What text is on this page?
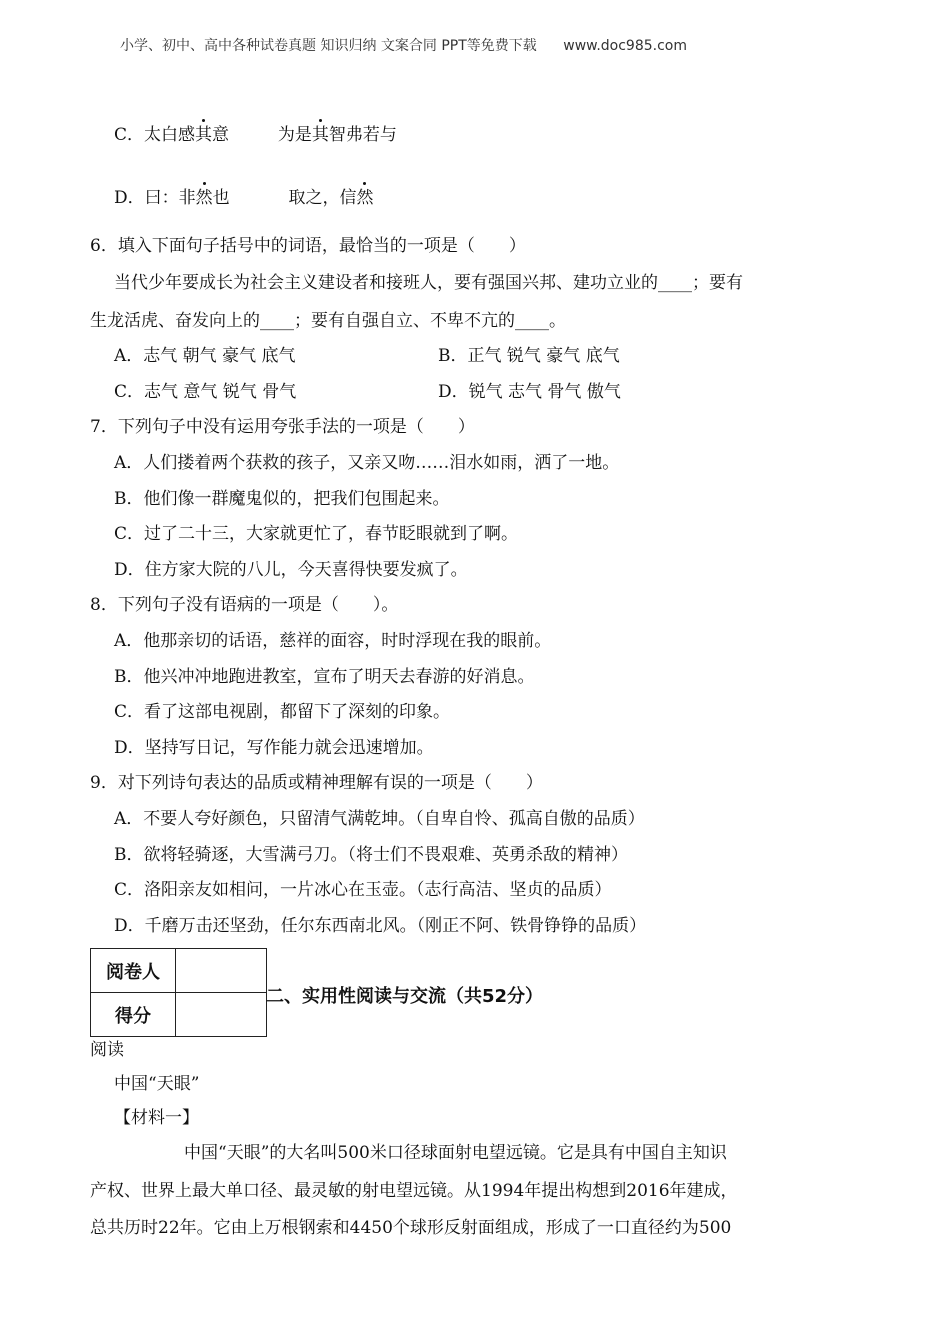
小学、初中、高中各种试卷真题 知识归纳 文案合同 PPT等免费下载 www.doc985.com
C．太白感其意	为是其智弗若与
D．曰：非然也	取之，信然
6．填入下面句子括号中的词语，最恰当的一项是（　　）
当代少年要成长为社会主义建设者和接班人，要有强国兴邦、建功立业的____；要有
生龙活虎、奋发向上的____；要有自强自立、不卑不亢的____。
A．志气 朝气 豪气 底气	B．正气 锐气 豪气 底气
C．志气 意气 锐气 骨气	D．锐气 志气 骨气 傲气
7．下列句子中没有运用夸张手法的一项是（　　）
A．人们搂着两个获救的孩子，又亲又吻……泪水如雨，洒了一地。
B．他们像一群魔鬼似的，把我们包围起来。
C．过了二十三，大家就更忙了，春节眨眼就到了啊。
D．住方家大院的八儿，今天喜得快要发疯了。
8．下列句子没有语病的一项是（　　）。
A．他那亲切的话语，慈祥的面容，时时浮现在我的眼前。
B．他兴冲冲地跑进教室，宣布了明天去春游的好消息。
C．看了这部电视剧，都留下了深刻的印象。
D．坚持写日记，写作能力就会迅速增加。
9．对下列诗句表达的品质或精神理解有误的一项是（　　）
A．不要人夸好颜色，只留清气满乾坤。（自卑自怜、孤高自傲的品质）
B．欲将轻骑逐，大雪满弓刀。（将士们不畏艰难、英勇杀敌的精神）
C．洛阳亲友如相问，一片冰心在玉壶。（志行高洁、坚贞的品质）
D．千磨万击还坚劲，任尔东西南北风。（刚正不阿、铁骨铮铮的品质）
阅卷人	
得分	
二、实用性阅读与交流（共52分）
阅读
中国“天眼”
【材料一】
中国“天眼”的大名叫500米口径球面射电望远镜。它是具有中国自主知识
产权、世界上最大单口径、最灵敏的射电望远镜。从1994年提出构想到2016年建成，
总共历时22年。它由上万根钢索和4450个球形反射面组成，形成了一口直径约为500
